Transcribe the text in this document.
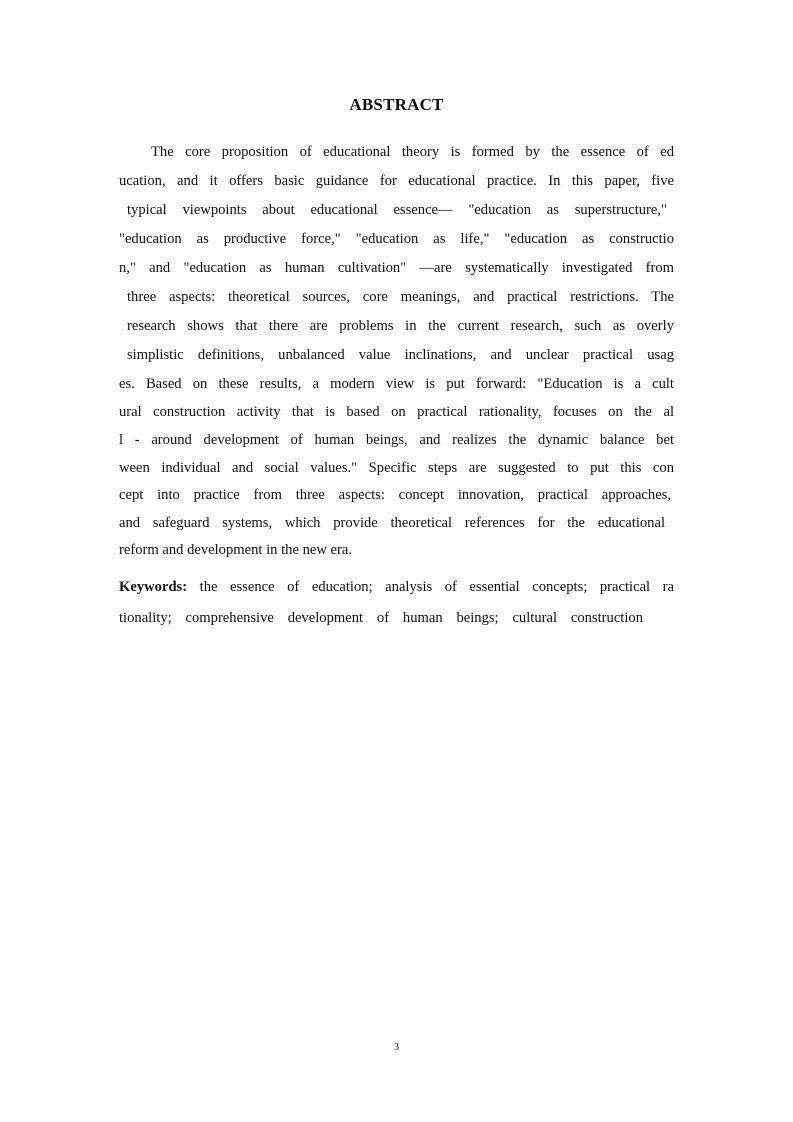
ABSTRACT
The core proposition of educational theory is formed by the essence of ed
ucation, and it offers basic guidance for educational practice. In this paper, five
typical viewpoints about educational essence— "education as superstructure,"
"education as productive force," "education as life," "education as constructio
n," and "education as human cultivation" —are systematically investigated from
three aspects: theoretical sources, core meanings, and practical restrictions. The
research shows that there are problems in the current research, such as overly
simplistic definitions, unbalanced value inclinations, and unclear practical usag
es. Based on these results, a modern view is put forward: "Education is a cult
ural construction activity that is based on practical rationality, focuses on the al
l - around development of human beings, and realizes the dynamic balance bet
ween individual and social values." Specific steps are suggested to put this con
cept into practice from three aspects: concept innovation, practical approaches,
and safeguard systems, which provide theoretical references for the educational
reform and development in the new era.
Keywords: the essence of education; analysis of essential concepts; practical ra
tionality; comprehensive development of human beings; cultural construction
3
